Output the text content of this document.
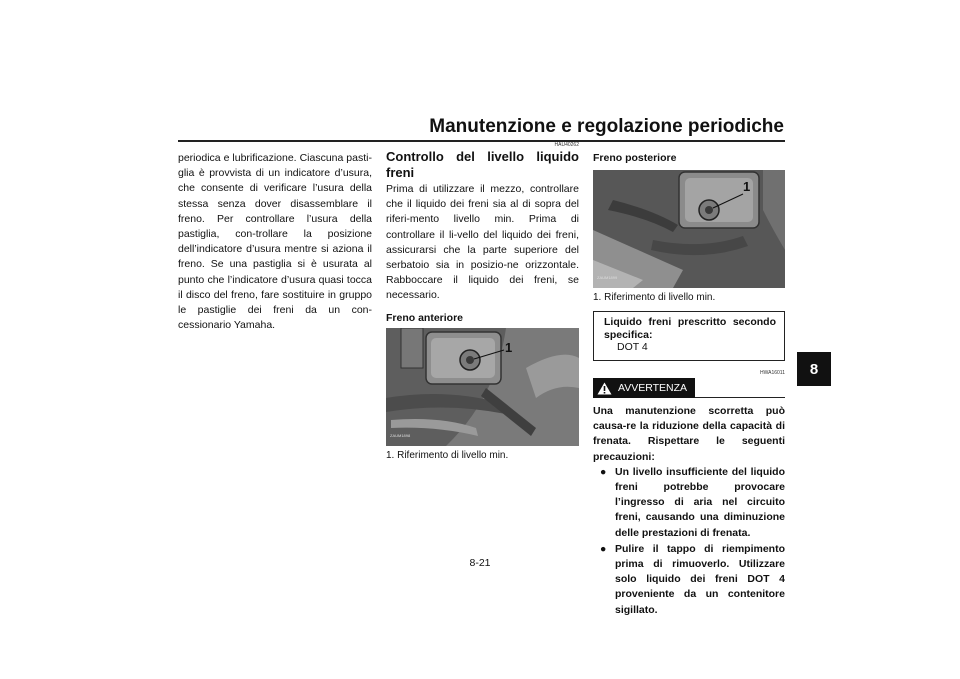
Manutenzione e regolazione periodiche
8

periodica e lubrificazione. Ciascuna pasti-glia è provvista di un indicatore d’usura, che consente di verificare l’usura della stessa senza dover disassemblare il freno. Per controllare l’usura della pastiglia, con-trollare la posizione dell’indicatore d’usura mentre si aziona il freno. Se una pastiglia si è usurata al punto che l’indicatore d’usura quasi tocca il disco del freno, fare sostituire in gruppo le pastiglie dei freni da un con-cessionario Yamaha.

HAU40262
Controllo del livello liquido freni

Prima di utilizzare il mezzo, controllare che il liquido dei freni sia al di sopra del riferi-mento livello min. Prima di controllare il li-vello del liquido dei freni, assicurarsi che la parte superiore del serbatoio sia in posizio-ne orizzontale. Rabboccare il liquido dei freni, se necessario.

Freno anteriore

1
ZAUM1898
1. Riferimento di livello min.

Freno posteriore

1
ZAUM1899
1. Riferimento di livello min.
Liquido freni prescritto secondo specifica:
DOT 4
HWA16011
AVVERTENZA

Una manutenzione scorretta può causa-re la riduzione della capacità di frenata. Rispettare le seguenti precauzioni:

● Un livello insufficiente del liquido freni potrebbe provocare l’ingresso di aria nel circuito freni, causando una diminuzione delle prestazioni di frenata.
● Pulire il tappo di riempimento prima di rimuoverlo. Utilizzare solo liquido dei freni DOT 4 proveniente da un contenitore sigillato.
8-21
